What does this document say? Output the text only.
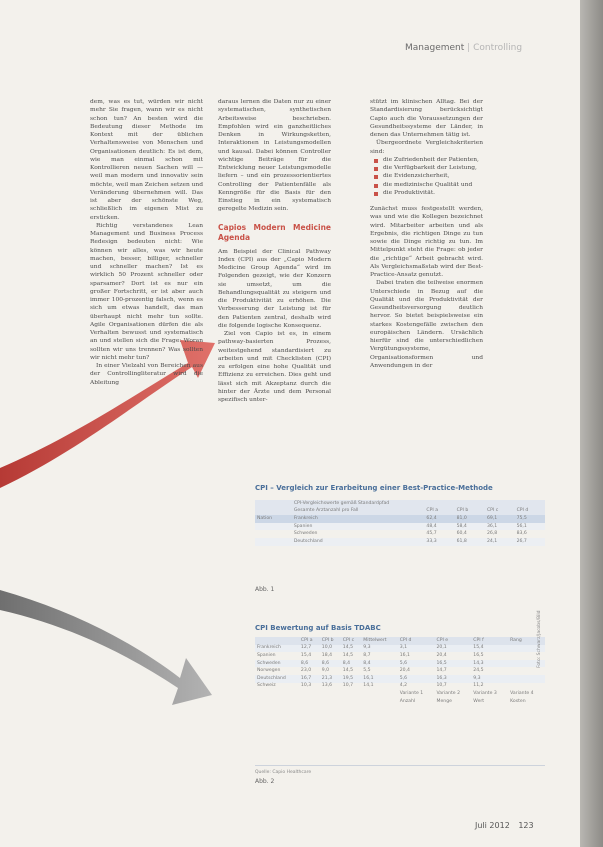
Management | Controlling

dem, was es tut, würden wir nicht mehr Sie fragen, wann wir es nicht schon tun? An besten wird die Bedeutung dieser Methode im Kontext mit der üblichen Verhaltensweise von Menschen und Organisationen deutlich: Es ist dem, wie man einmal schon mit Kontrollieren neuen Sachen will — weil man modern und innovativ sein möchte, weil man Zeichen setzen und Veränderung übernehmen will. Das ist aber der schönste Weg, schließlich im eigenen Mist zu ersticken.

Richtig verstandenes Lean Management und Business Process Redesign bedeuten nicht: Wie können wir alles, was wir heute machen, besser, billiger, schneller und schneller machen? Ist es wirklich 50 Prozent schneller oder sparsamer? Dort ist es nur ein großer Fortschritt, er ist aber auch immer 100-prozentig falsch, wenn es sich um etwas handelt, das man überhaupt nicht mehr tun sollte. Agile Organisationen dürfen die als Verhalten bewusst und systematisch an und stellen sich die Frage: Woran sollten wir uns trennen? Was sollten wir nicht mehr tun?

In einer Vielzahl von Bereichen aus der Controllingliteratur wird die Ableitung

daraus lernen die Daten nur zu einer systematischen, synthetischen Arbeitsweise beschrieben. Empfohlen wird ein ganzheitliches Denken in Wirkungsketten, Interaktionen in Leistungsmodellen und kausal. Dabei können Controller wichtige Beiträge für die Entwicklung neuer Leistungsmodelle liefern – und ein prozessorientiertes Controlling der Patientenfälle als Kenngröße für die Basis für den Einstieg in ein systematisch geregelte Medizin sein.

Capios Modern Medicine Agenda

Am Beispiel der Clinical Pathway Index (CPI) aus der „Capio Modern Medicine Group Agenda“ wird im Folgenden gezeigt, wie der Konzern sie umsetzt, um die Behandlungsqualität zu steigern und die Produktivität zu erhöhen. Die Verbesserung der Leistung ist für den Patienten zentral, deshalb wird die folgende logische Konsequenz.

Ziel von Capio ist es, in einem pathway-basierten Prozess, weitestgehend standardisiert zu arbeiten und mit Checklisten (CPI) zu erfolgen eine hohe Qualität und Effizienz zu erreichen. Dies geht und lässt sich mit Akzeptanz durch die hinter der Ärzte und dem Personal spezifisch unter-

stützt im klinischen Alltag. Bei der Standardisierung berücksichtigt Capio auch die Voraussetzungen der Gesundheitssysteme der Länder, in denen das Unternehmen tätig ist.

Übergeordnete Vergleichskriterien sind:

die Zufriedenheit der Patienten,
die Verfügbarkeit der Leistung,
die Evidenzsicherheit,
die medizinische Qualität und
die Produktivität.

Zunächst muss festgestellt werden, was und wie die Kollegen bezeichnet wird. Mitarbeiter arbeiten und als Ergebnis, die richtigen Dinge zu tun sowie die Dinge richtig zu tun. Im Mittelpunkt steht die Frage: ob jeder die „richtige“ Arbeit gebracht wird. Als Vergleichsmaßstab wird der Best-Practice-Ansatz genutzt.

Dabei traten die teilweise enormen Unterschiede in Bezug auf die Qualität und die Produktivität der Gesundheitsversorgung deutlich hervor. So bietet beispielsweise ein starkes Kostengefälle zwischen den europäischen Ländern. Ursächlich hierfür sind die unterschiedlichen Vergütungssysteme, Organisationsformen und Anwendungen in der

CPI – Vergleich zur Erarbeitung einer Best-Practice-Methode
	CPI-Vergleichswerte gemäß Standardpfad				
	Gesamte Arztanzahl pro Fall	CPI a	CPI b	CPI c	CPI d
Nation	Frankreich	62,4	81,0	69,1	75,5
	Spanien	48,4	58,4	36,1	56,1
	Schweden	45,7	60,4	26,8	83,6
	Deutschland	33,3	61,8	24,1	26,7
Abb. 1
CPI Bewertung auf Basis TDABC
	CPI a	CPI b	CPI c	Mittelwert	CPI d	CPI e	CPI f	Rang
Frankreich	12,7	10,0	14,5	9,3	3,1	20,1	15,4	
Spanien	15,4	18,4	14,5	8,7	16,1	20,4	16,5	
Schweden	8,6	8,6	8,4	8,4	5,6	16,5	14,3	
Norwegen	23,0	9,0	14,5	5,5	20,4	14,7	24,5	
Deutschland	16,7	21,3	19,5	16,1	5,6	16,3	9,3	
Schweiz	10,3	13,6	10,7	14,1	4,2	10,7	11,2	
					Variante 1	Variante 2	Variante 3	Variante 4
					Anzahl	Menge	Wert	Kosten
Quelle: Capio Healthcare
Abb. 2
Foto: Schwarz/Jacobs/Bild
Juli 2012 123
